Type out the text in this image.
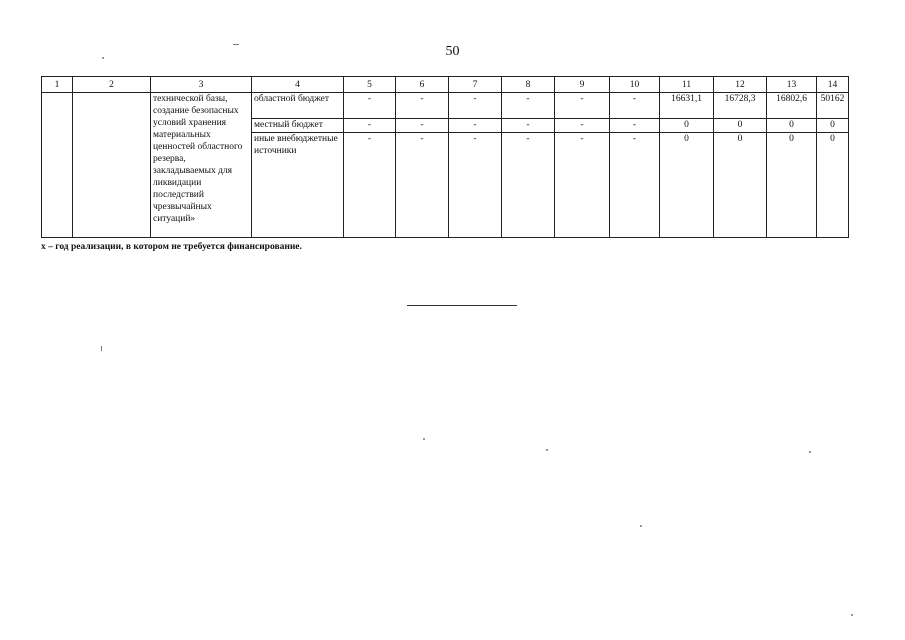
50
1	2	3	4	5	6	7	8	9	10	11	12	13	14
		технической базы, создание безопасных условий хранения материальных ценностей областного резерва, закладываемых для ликвидации последствий чрезвычайных ситуаций»	областной бюджет	-	-	-	-	-	-	16631,1	16728,3	16802,6	50162
			местный бюджет	-	-	-	-	-	-	0	0	0	0
			иные внебюджетные источники	-	-	-	-	-	-	0	0	0	0
х – год реализации, в котором не требуется финансирование.
